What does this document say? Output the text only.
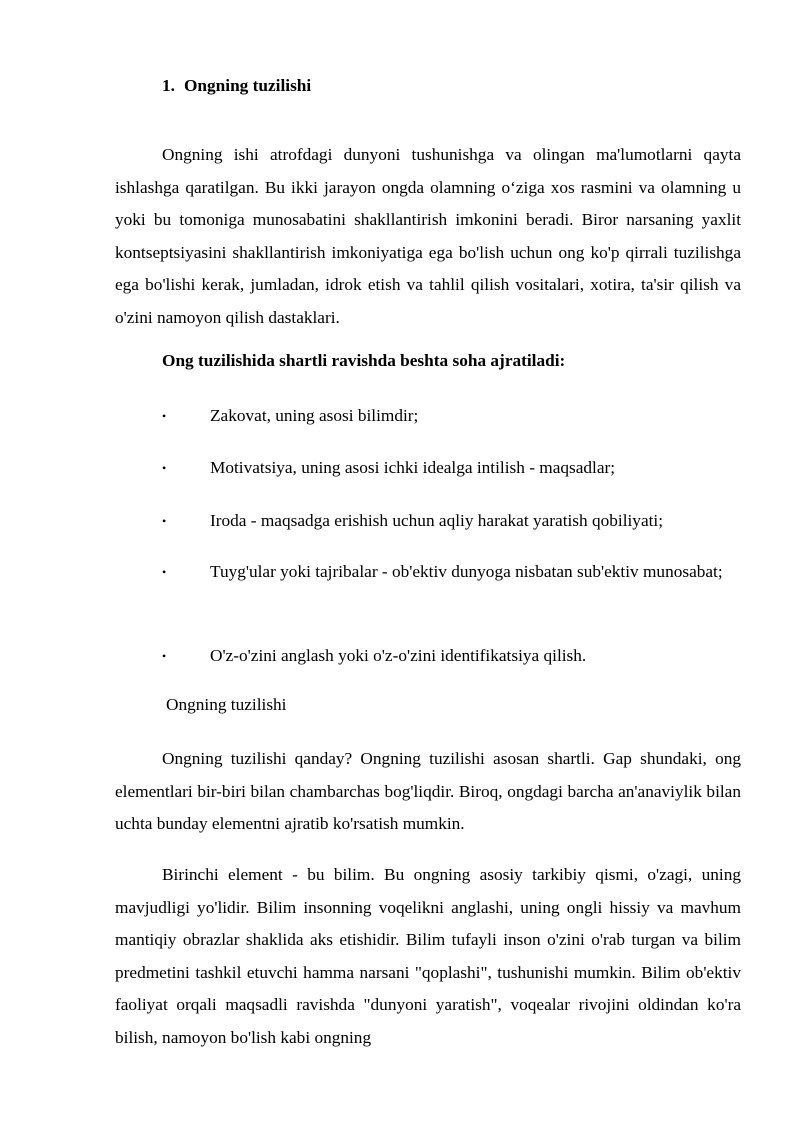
1. Ongning tuzilishi

Ongning ishi atrofdagi dunyoni tushunishga va olingan ma'lumotlarni qayta ishlashga qaratilgan. Bu ikki jarayon ongda olamning o‘ziga xos rasmini va olamning u yoki bu tomoniga munosabatini shakllantirish imkonini beradi. Biror narsaning yaxlit kontseptsiyasini shakllantirish imkoniyatiga ega bo'lish uchun ong ko'p qirrali tuzilishga ega bo'lishi kerak, jumladan, idrok etish va tahlil qilish vositalari, xotira, ta'sir qilish va o'zini namoyon qilish dastaklari.

Ong tuzilishida shartli ravishda beshta soha ajratiladi:
•	Zakovat, uning asosi bilimdir;

•	Motivatsiya, uning asosi ichki idealga intilish - maqsadlar;

•	Iroda - maqsadga erishish uchun aqliy harakat yaratish qobiliyati;

•	Tuyg'ular yoki tajribalar - ob'ektiv dunyoga nisbatan sub'ektiv munosabat;

•	O'z-o'zini anglash yoki o'z-o'zini identifikatsiya qilish.

Ongning tuzilishi

Ongning tuzilishi qanday? Ongning tuzilishi asosan shartli. Gap shundaki, ong elementlari bir-biri bilan chambarchas bog'liqdir. Biroq, ongdagi barcha an'anaviylik bilan uchta bunday elementni ajratib ko'rsatish mumkin.

Birinchi element - bu bilim. Bu ongning asosiy tarkibiy qismi, o'zagi, uning mavjudligi yo'lidir. Bilim insonning voqelikni anglashi, uning ongli hissiy va mavhum mantiqiy obrazlar shaklida aks etishidir. Bilim tufayli inson o'zini o'rab turgan va bilim predmetini tashkil etuvchi hamma narsani "qoplashi", tushunishi mumkin. Bilim ob'ektiv faoliyat orqali maqsadli ravishda "dunyoni yaratish", voqealar rivojini oldindan ko'ra bilish, namoyon bo'lish kabi ongning
